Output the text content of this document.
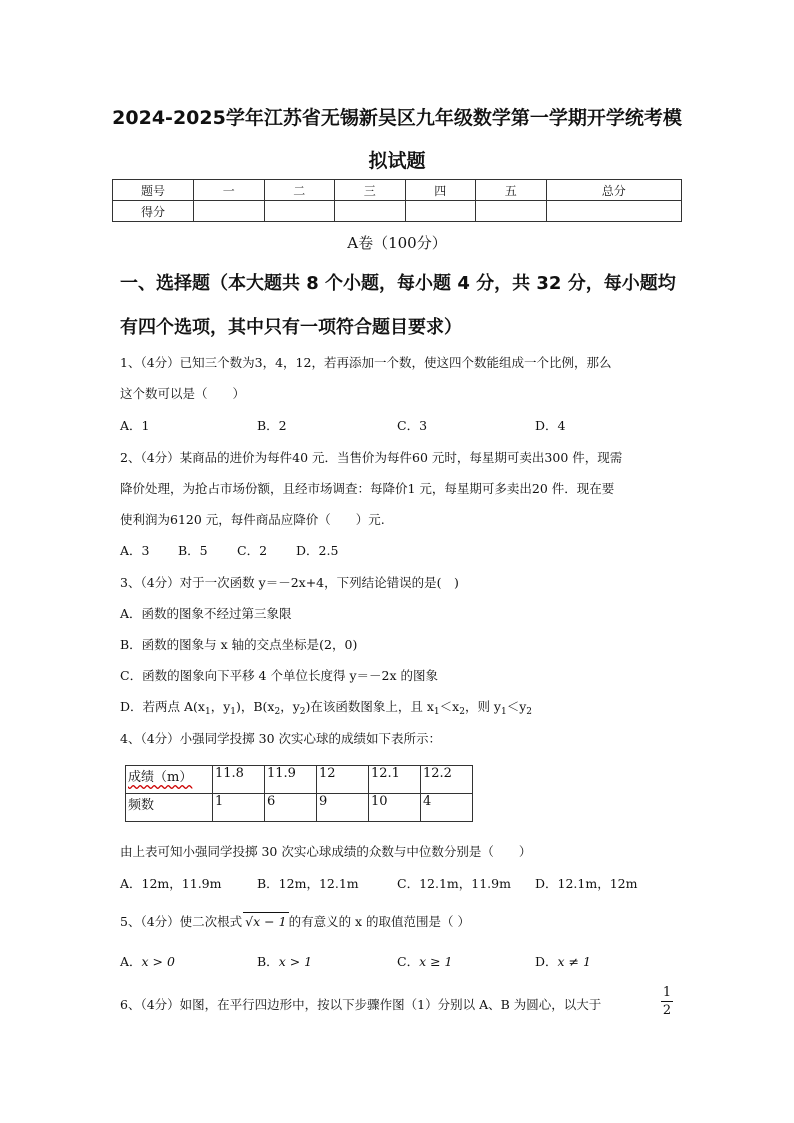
2024-2025学年江苏省无锡新吴区九年级数学第一学期开学统考模
拟试题
题号	一	二	三	四	五	总分
得分						
A卷（100分）
一、选择题（本大题共 8 个小题，每小题 4 分，共 32 分，每小题均
有四个选项，其中只有一项符合题目要求）
1、（4分）已知三个数为3，4，12，若再添加一个数，使这四个数能组成一个比例，那么
这个数可以是（　　）
A．1	B．2	C．3	D．4
2、（4分）某商品的进价为每件40 元．当售价为每件60 元时，每星期可卖出300 件，现需
降价处理，为抢占市场份额，且经市场调查：每降价1 元，每星期可多卖出20 件．现在要
使利润为6120 元，每件商品应降价（　　）元.
A．3 B．5 C．2 D．2.5
3、（4分）对于一次函数 y＝－2x+4，下列结论错误的是(　)
A．函数的图象不经过第三象限
B．函数的图象与 x 轴的交点坐标是(2，0)
C．函数的图象向下平移 4 个单位长度得 y＝－2x 的图象
D．若两点 $A(x_1$，$y_1$)，$B(x_2$，$y_2$)在该函数图象上，且 $x_1<x_2$，则 $y_1<y_2$
4、（4分）小强同学投掷 30 次实心球的成绩如下表所示：
成绩（m）	11.8	11.9	12	12.1	12.2
频数	1	6	9	10	4
由上表可知小强同学投掷 30 次实心球成绩的众数与中位数分别是（　　）
A．12m，11.9m	B．12m，12.1m	C．12.1m，11.9m D．12.1m，12m
5、（4分）使二次根式 √x − 1 的有意义的 x 的取值范围是（ ）
A．x > 0	B．x > 1	C．x ≥ 1	D．x ≠ 1
6、（4分）如图，在平行四边形中，按以下步骤作图（1）分别以 A、B 为圆心，以大于
1
2
